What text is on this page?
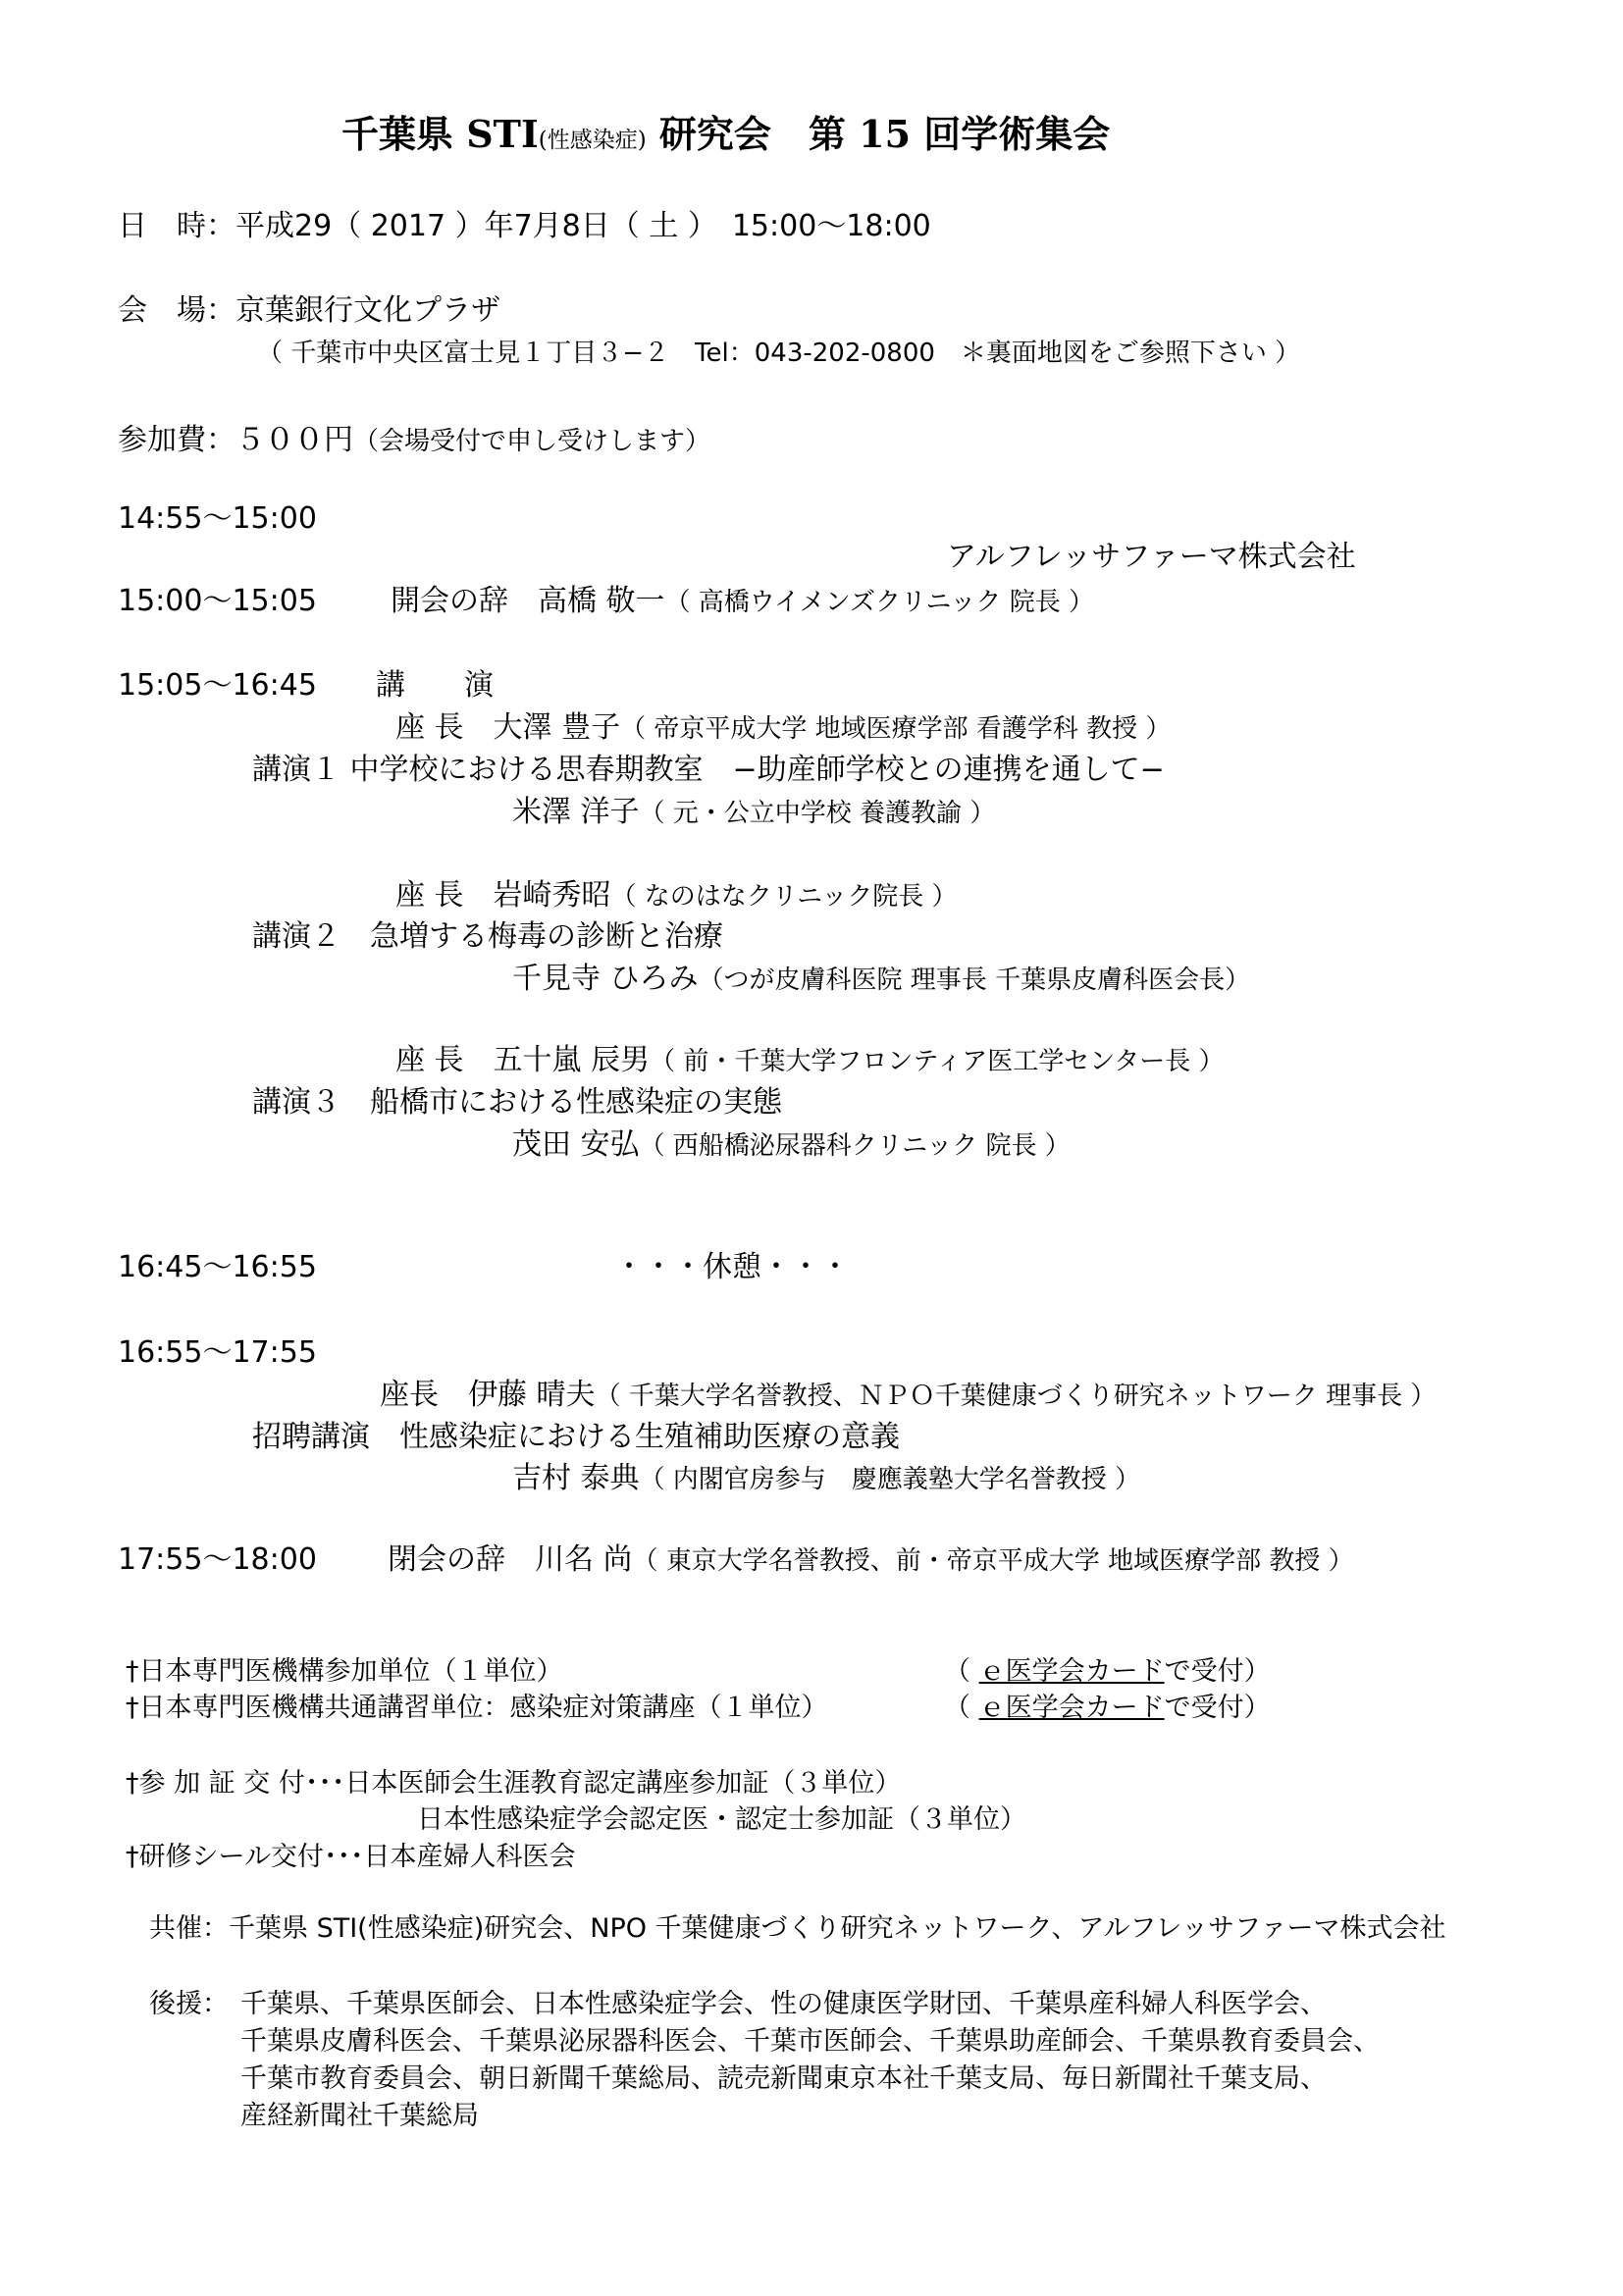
千葉県 STI(性感染症) 研究会　第 15 回学術集会
日　時：平成29（ 2017 ）年7月8日（ 土 ）　15:00～18:00
会　場：京葉銀行文化プラザ
（ 千葉市中央区富士見１丁目３−２　Tel：043-202-0800　＊裏面地図をご参照下さい ）
参加費：５００円（会場受付で申し受けします）
14:55～15:00
アルフレッサファーマ株式会社
15:00～15:05	開会の辞　高橋 敬一（ 高橋ウイメンズクリニック 院長 ）
15:05～16:45 講　　演
座 長　大澤 豊子（ 帝京平成大学 地域医療学部 看護学科 教授 ）
講演１ 中学校における思春期教室　−助産師学校との連携を通して−
米澤 洋子（ 元・公立中学校 養護教諭 ）
座 長　岩崎秀昭（ なのはなクリニック院長 ）
講演２　急増する梅毒の診断と治療
千見寺 ひろみ（つが皮膚科医院 理事長 千葉県皮膚科医会長）
座 長　五十嵐 辰男（ 前・千葉大学フロンティア医工学センター長 ）
講演３　船橋市における性感染症の実態
茂田 安弘（ 西船橋泌尿器科クリニック 院長 ）
16:45～16:55	・・・休憩・・・
16:55～17:55
座長　伊藤 晴夫（ 千葉大学名誉教授、ＮＰＯ千葉健康づくり研究ネットワーク 理事長 ）
招聘講演　性感染症における生殖補助医療の意義
吉村 泰典（ 内閣官房参与　慶應義塾大学名誉教授 ）
17:55～18:00 閉会の辞　川名 尚（ 東京大学名誉教授、前・帝京平成大学 地域医療学部 教授 ）
†日本専門医機構参加単位（１単位）	（ ｅ医学会カードで受付）
†日本専門医機構共通講習単位：感染症対策講座（１単位）	（ ｅ医学会カードで受付）
†参 加 証 交 付･･･日本医師会生涯教育認定講座参加証（３単位）
日本性感染症学会認定医・認定士参加証（３単位）
†研修シール交付･･･日本産婦人科医会
共催：千葉県 STI(性感染症)研究会、NPO 千葉健康づくり研究ネットワーク、アルフレッサファーマ株式会社
後援： 千葉県、千葉県医師会、日本性感染症学会、性の健康医学財団、千葉県産科婦人科医学会、
千葉県皮膚科医会、千葉県泌尿器科医会、千葉市医師会、千葉県助産師会、千葉県教育委員会、
千葉市教育委員会、朝日新聞千葉総局、読売新聞東京本社千葉支局、毎日新聞社千葉支局、
産経新聞社千葉総局
